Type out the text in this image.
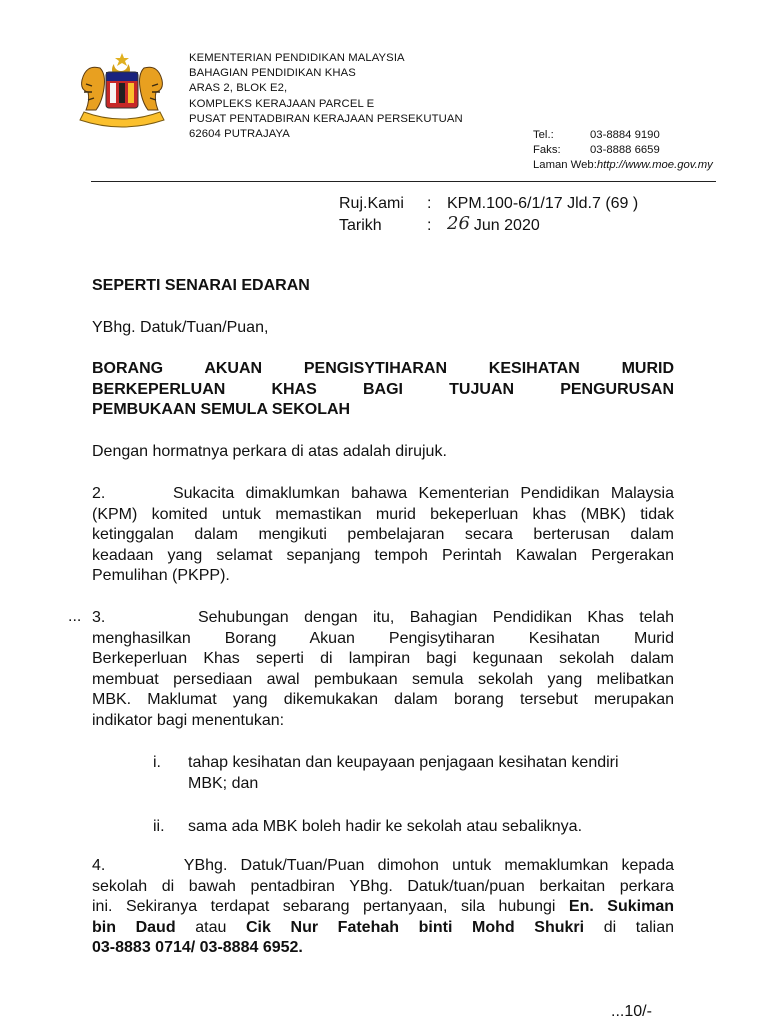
KEMENTERIAN PENDIDIKAN MALAYSIA
BAHAGIAN PENDIDIKAN KHAS
ARAS 2, BLOK E2,
KOMPLEKS KERAJAAN PARCEL E
PUSAT PENTADBIRAN KERAJAAN PERSEKUTUAN
62604 PUTRAJAYA	Tel.:	03-8884 9190
Faks:	03-8888 6659
Laman Web: http: //www.moe.gov.my
Ruj.Kami	: KPM.100-6/1/17 Jld.7 (69 )
Tarikh	: 26 Jun 2020
SEPERTI SENARAI EDARAN
YBhg. Datuk/Tuan/Puan,
BORANG AKUAN PENGISYTIHARAN KESIHATAN MURID
BERKEPERLUAN KHAS BAGI TUJUAN PENGURUSAN
PEMBUKAAN SEMULA SEKOLAH
Dengan hormatnya perkara di atas adalah dirujuk.
2.      Sukacita dimaklumkan bahawa Kementerian Pendidikan Malaysia
(KPM) komited untuk memastikan murid bekeperluan khas (MBK) tidak
ketinggalan dalam mengikuti pembelajaran secara berterusan dalam
keadaan yang selamat sepanjang tempoh Perintah Kawalan Pergerakan
Pemulihan (PKPP).
... 3.      Sehubungan dengan itu, Bahagian Pendidikan Khas telah
menghasilkan Borang Akuan Pengisytiharan Kesihatan Murid
Berkeperluan Khas seperti di lampiran bagi kegunaan sekolah dalam
membuat persediaan awal pembukaan semula sekolah yang melibatkan
MBK. Maklumat yang dikemukakan dalam borang tersebut merupakan
indikator bagi menentukan:
i. tahap kesihatan dan keupayaan penjagaan kesihatan kendiri
MBK; dan
ii. sama ada MBK boleh hadir ke sekolah atau sebaliknya.
4.      YBhg. Datuk/Tuan/Puan dimohon untuk memaklumkan kepada
sekolah di bawah pentadbiran YBhg. Datuk/tuan/puan berkaitan perkara
ini. Sekiranya terdapat sebarang pertanyaan, sila hubungi En. Sukiman
bin Daud atau Cik Nur Fatehah binti Mohd Shukri di talian
03-8883 0714/ 03-8884 6952.
...10/-
